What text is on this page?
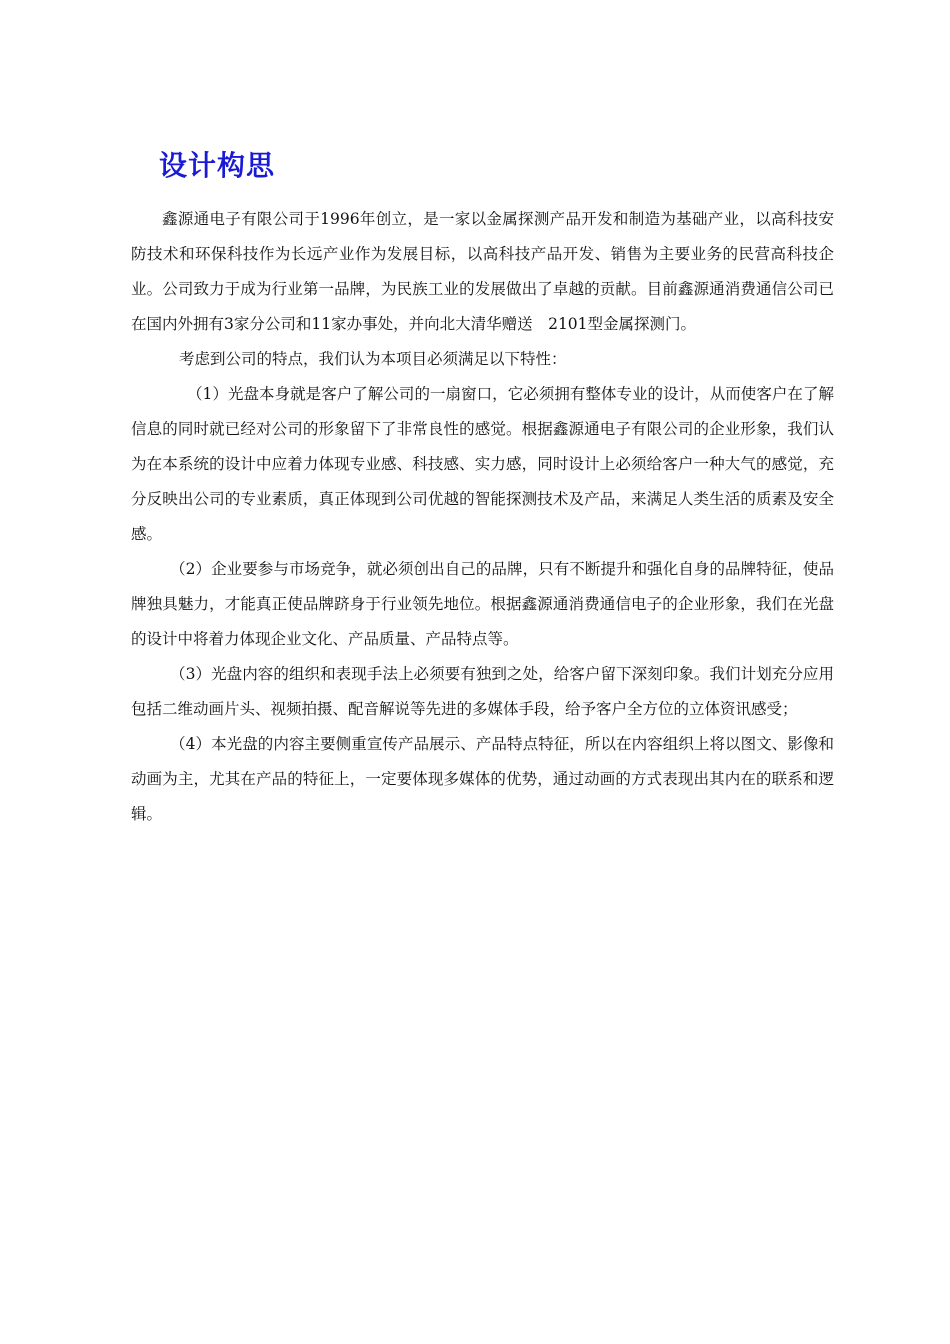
设计构思

鑫源通电子有限公司于1996年创立，是一家以金属探测产品开发和制造为基础产业，以高科技安防技术和环保科技作为长远产业作为发展目标，以高科技产品开发、销售为主要业务的民营高科技企业。公司致力于成为行业第一品牌，为民族工业的发展做出了卓越的贡献。目前鑫源通消费通信公司已在国内外拥有3家分公司和11家办事处，并向北大清华赠送　2101型金属探测门。

考虑到公司的特点，我们认为本项目必须满足以下特性：

（1）光盘本身就是客户了解公司的一扇窗口，它必须拥有整体专业的设计，从而使客户在了解信息的同时就已经对公司的形象留下了非常良性的感觉。根据鑫源通电子有限公司的企业形象，我们认为在本系统的设计中应着力体现专业感、科技感、实力感，同时设计上必须给客户一种大气的感觉，充分反映出公司的专业素质，真正体现到公司优越的智能探测技术及产品，来满足人类生活的质素及安全感。

（2）企业要参与市场竞争，就必须创出自己的品牌，只有不断提升和强化自身的品牌特征，使品牌独具魅力，才能真正使品牌跻身于行业领先地位。根据鑫源通消费通信电子的企业形象，我们在光盘的设计中将着力体现企业文化、产品质量、产品特点等。

（3）光盘内容的组织和表现手法上必须要有独到之处，给客户留下深刻印象。我们计划充分应用包括二维动画片头、视频拍摄、配音解说等先进的多媒体手段，给予客户全方位的立体资讯感受；

（4）本光盘的内容主要侧重宣传产品展示、产品特点特征，所以在内容组织上将以图文、影像和动画为主，尤其在产品的特征上，一定要体现多媒体的优势，通过动画的方式表现出其内在的联系和逻辑。
